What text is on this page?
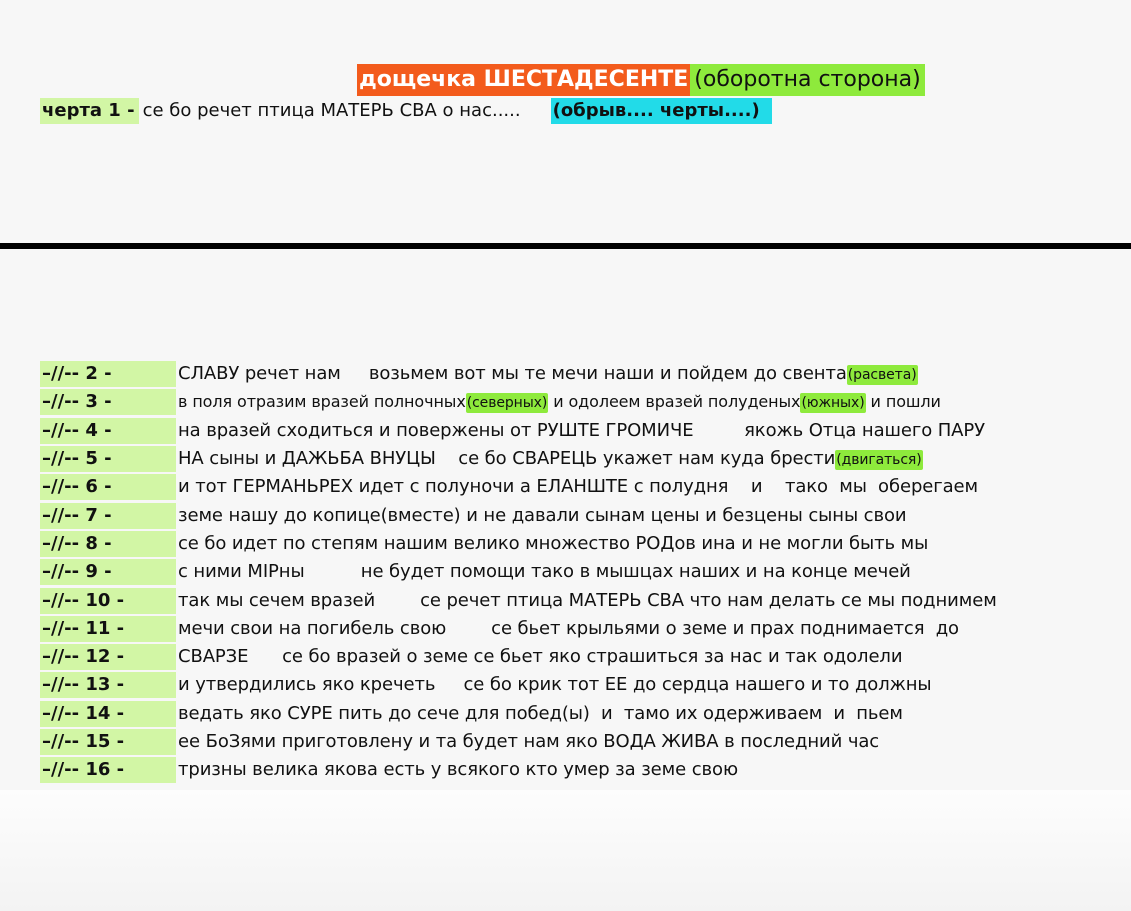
дощечка ШЕСТАДЕСЕНТЕ (оборотна сторона)
черта 1 - се бо речет птица МАТЕРЬ СВА о нас..... (обрыв.... черты....)
–//-- 2 -	СЛАВУ речет нам     возьмем вот мы те мечи наши и пойдем до свента(расвета)
–//-- 3 -	в поля отразим вразей полночных(северных) и одолеем вразей полуденых(южных) и пошли
–//-- 4 -	на вразей сходиться и повержены от РУШТЕ ГРОМИЧЕ         якожь Отца нашего ПАРУ
–//-- 5 -	НА сыны и ДАЖЬБА ВНУЦЫ    се бо СВАРЕЦЬ укажет нам куда брести(двигаться)
–//-- 6 -	и тот ГЕРМАНЬРЕХ идет с полуночи а ЕЛАНШТЕ с полудня    и    тако  мы  оберегаем
–//-- 7 -	земе нашу до копице(вместе) и не давали сынам цены и безцены сыны свои
–//-- 8 -	се бо идет по степям нашим велико множество РОДов ина и не могли быть мы
–//-- 9 -	с ними МIРны          не будет помощи тако в мышцах наших и на конце мечей
–//-- 10 -	так мы сечем вразей        се речет птица МАТЕРЬ СВА что нам делать се мы поднимем
–//-- 11 -	мечи свои на погибель свою        се бьет крыльями о земе и прах поднимается  до
–//-- 12 -	СВАРЗЕ      се бо вразей о земе се бьет яко страшиться за нас и так одолели
–//-- 13 -	и утвердились яко кречеть     се бо крик тот ЕЕ до сердца нашего и то должны
–//-- 14 -	ведать яко СУРЕ пить до сече для побед(ы)  и  тамо их одерживаем  и  пьем
–//-- 15 -	ее БоЗями приготовлену и та будет нам яко ВОДА ЖИВА в последний час
–//-- 16 -	тризны велика якова есть у всякого кто умер за земе свою
